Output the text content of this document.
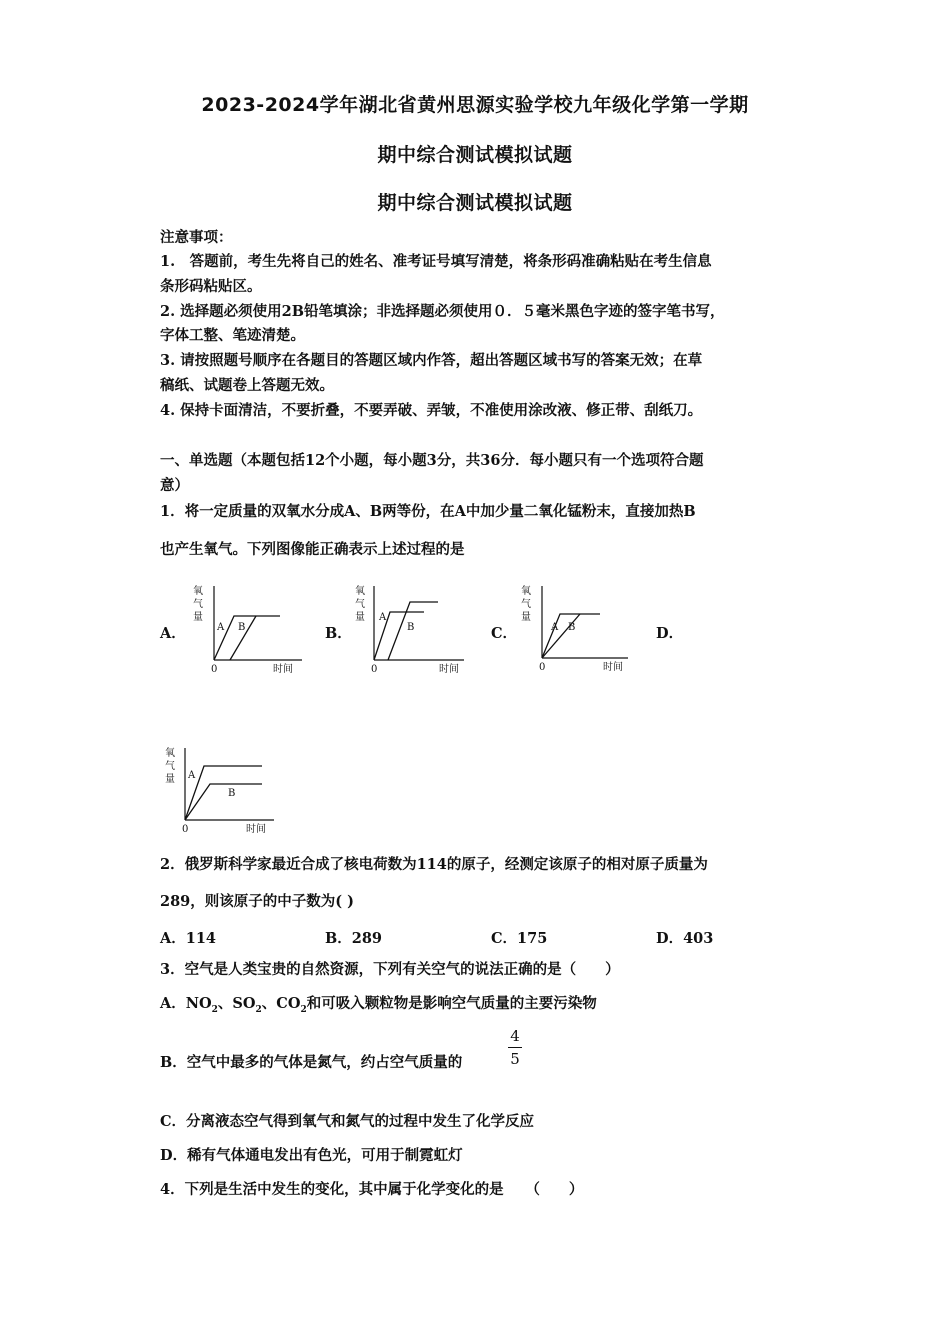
2023-2024学年湖北省黄州思源实验学校九年级化学第一学期
期中综合测试模拟试题
期中综合测试模拟试题
注意事项：
1.　答题前，考生先将自己的姓名、准考证号填写清楚，将条形码准确粘贴在考生信息
条形码粘贴区。
2. 选择题必须使用2B铅笔填涂；非选择题必须使用０．５毫米黑色字迹的签字笔书写，
字体工整、笔迹清楚。
3. 请按照题号顺序在各题目的答题区域内作答，超出答题区域书写的答案无效；在草
稿纸、试题卷上答题无效。
4. 保持卡面清洁，不要折叠，不要弄破、弄皱，不准使用涂改液、修正带、刮纸刀。
一、单选题（本题包括12个小题，每小题3分，共36分．每小题只有一个选项符合题
意）
1．将一定质量的双氧水分成A、B两等份，在A中加少量二氧化锰粉末，直接加热B
也产生氧气。下列图像能正确表示上述过程的是
A．	B．	C．	D．
氧
气
量
0	时间
A B
氧
气
量
0	时间
A
B
氧
气
量
0	时间
A B
氧
气
量
0	时间
A
B
2．俄罗斯科学家最近合成了核电荷数为114的原子，经测定该原子的相对原子质量为
289，则该原子的中子数为( )
A．114	B．289	C．175	D．403
3．空气是人类宝贵的自然资源，下列有关空气的说法正确的是（　　）
A．$NO_2$、$SO_2$、$CO_2$和可吸入颗粒物是影响空气质量的主要污染物
B．空气中最多的气体是氮气，约占空气质量的
4
5
C．分离液态空气得到氧气和氮气的过程中发生了化学反应
D．稀有气体通电发出有色光，可用于制霓虹灯
4．下列是生活中发生的变化，其中属于化学变化的是　　（　　）
